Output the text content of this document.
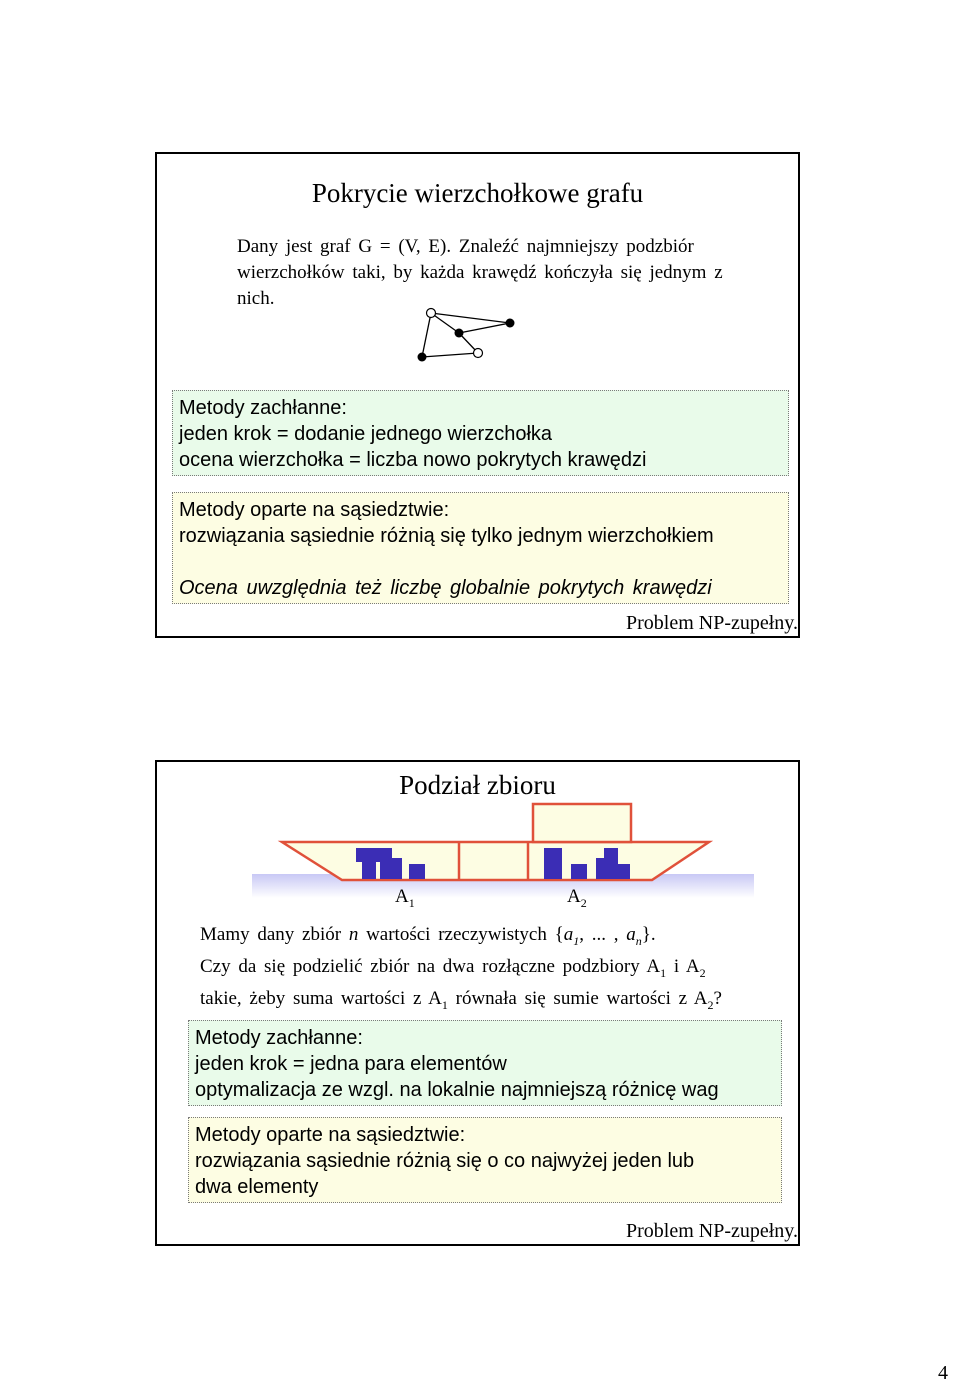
Pokrycie wierzchołkowe grafu
Dany jest graf G = (V, E). Znaleźć najmniejszy podzbiór
wierzchołków taki, by każda krawędź kończyła się jednym z
nich.
Metody zachłanne:
jeden krok = dodanie jednego wierzchołka
ocena wierzchołka = liczba nowo pokrytych krawędzi
Metody oparte na sąsiedztwie:
rozwiązania sąsiednie różnią się tylko jednym wierzchołkiem
Ocena uwzględnia też liczbę globalnie pokrytych krawędzi
Problem NP-zupełny.
Podział zbioru
$A_1$	$A_2$
Mamy dany zbiór n wartości rzeczywistych {$a_1$, ... , $a_n$}.
Czy da się podzielić zbiór na dwa rozłączne podzbiory $A_1$ i $A_2$
takie, żeby suma wartości z $A_1$ równała się sumie wartości z $A_2$?
Metody zachłanne:
jeden krok = jedna para elementów
optymalizacja ze wzgl. na lokalnie najmniejszą różnicę wag
Metody oparte na sąsiedztwie:
rozwiązania sąsiednie różnią się o co najwyżej jeden lub
dwa elementy
Problem NP-zupełny.
4
